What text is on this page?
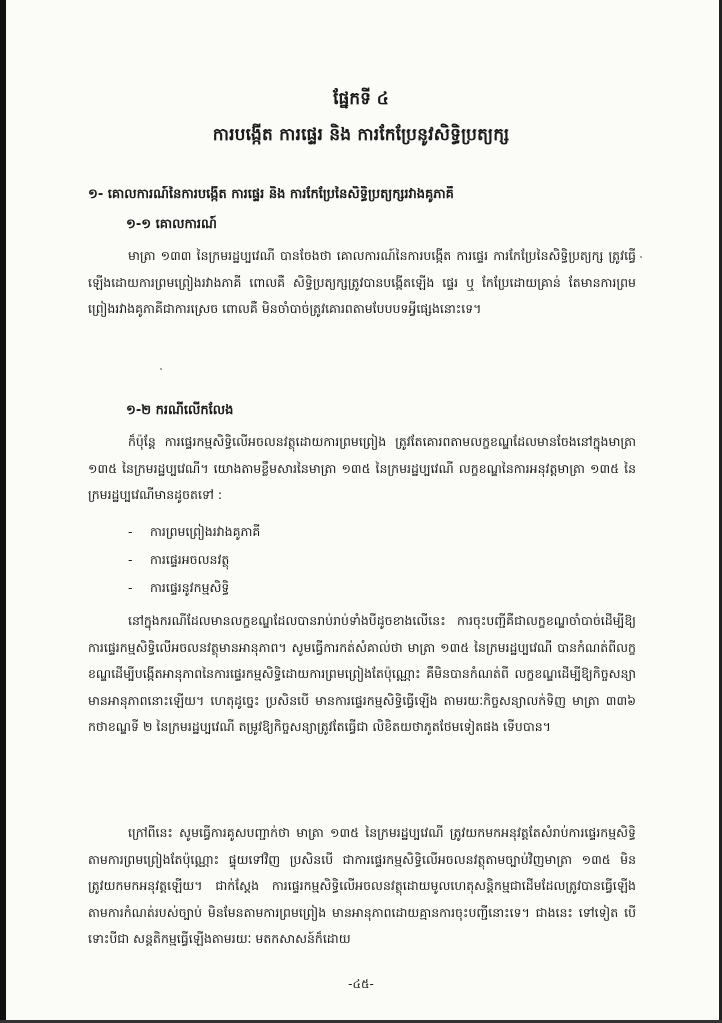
ផ្នែកទី ៤
ការបង្កើត ការផ្ទេរ និង ការកែប្រែនូវសិទ្ធិប្រត្យក្ស
១- គោលការណ៍នៃការបង្កើត ការផ្ទេរ និង ការកែប្រែនៃសិទ្ធិប្រត្យក្សរវាងគូភាគី
១-១ គោលការណ៍
មាត្រា ១៣៣ នៃក្រមរដ្ឋប្បវេណី បានចែងថា គោលការណ៍នៃការបង្កើត ការផ្ទេរ ការកែប្រែនៃសិទ្ធិប្រត្យក្ស ត្រូវធ្វើឡើងដោយការព្រមព្រៀងរវាងភាគី ពោលគឺ សិទ្ធិប្រត្យក្សត្រូវបានបង្កើតឡើង ផ្ទេរ ឬ កែប្រែដោយគ្រាន់ តែមានការព្រមព្រៀងរវាងគូភាគីជាការស្រេច ពោលគឺ មិនចាំបាច់ត្រូវគោរពតាមបែបបទអ្វីផ្សេងនោះទេ។
១-២ ករណីលើកលែង
ក៏ប៉ុន្តែ ការផ្ទេរកម្មសិទ្ធិលើអចលនវត្ថុដោយការព្រមព្រៀង ត្រូវតែគោរពតាមលក្ខខណ្ឌដែលមានចែងនៅក្នុងមាត្រា ១៣៥ នៃក្រមរដ្ឋប្បវេណី។ យោងតាមខ្លឹមសារនៃមាត្រា ១៣៥ នៃក្រមរដ្ឋប្បវេណី លក្ខខណ្ឌនៃការអនុវត្តមាត្រា ១៣៥ នៃក្រមរដ្ឋប្បវេណីមានដូចតទៅ :
- ការព្រមព្រៀងរវាងគូភាគី
- ការផ្ទេរអចលនវត្ថុ
- ការផ្ទេរនូវកម្មសិទ្ធិ
នៅក្នុងករណីដែលមានលក្ខខណ្ឌដែលបានរាប់រាប់ទាំងបីដូចខាងលើនេះ ការចុះបញ្ជីគឺជាលក្ខខណ្ឌចាំបាច់ដើម្បីឱ្យការផ្ទេរកម្មសិទ្ធិលើអចលនវត្ថុមានអានុភាព។ សូមធ្វើការកត់សំគាល់ថា មាត្រា ១៣៥ នៃក្រមរដ្ឋប្បវេណី បានកំណត់ពីលក្ខខណ្ឌដើម្បីបង្កើតអានុភាពនៃការផ្ទេរកម្មសិទ្ធិដោយការព្រមព្រៀងតែប៉ុណ្ណោះ គឺមិនបានកំណត់ពី លក្ខខណ្ឌដើម្បីឱ្យកិច្ចសន្យាមានអានុភាពនោះឡើយ។ ហេតុដូច្នេះ ប្រសិនបើ មានការផ្ទេរកម្មសិទ្ធិធ្វើឡើង តាមរយៈកិច្ចសន្យាលក់ទិញ មាត្រា ៣៣៦ កថាខណ្ឌទី ២ នៃក្រមរដ្ឋប្បវេណី តម្រូវឱ្យកិច្ចសន្យាត្រូវតែធ្វើជា លិខិតយថាភូតថែមទៀតផង ទើបបាន។
ក្រៅពីនេះ សូមធ្វើការគូសបញ្ជាក់ថា មាត្រា ១៣៥ នៃក្រមរដ្ឋប្បវេណី ត្រូវយកមកអនុវត្តតែសំរាប់ការផ្ទេរកម្មសិទ្ធិតាមការព្រមព្រៀងតែប៉ុណ្ណោះ ផ្ទុយទៅវិញ ប្រសិនបើ ជាការផ្ទេរកម្មសិទ្ធិលើអចលនវត្ថុតាមច្បាប់វិញមាត្រា ១៣៥ មិនត្រូវយកមកអនុវត្តឡើយ។ ជាក់ស្តែង ការផ្ទេរកម្មសិទ្ធិលើអចលនវត្ថុដោយមូលហេតុសន្តិកម្មជាដើមដែលត្រូវបានធ្វើឡើងតាមការកំណត់របស់ច្បាប់ មិនមែនតាមការព្រមព្រៀង មានអានុភាពដោយគ្មានការចុះបញ្ជីនោះទេ។ ជាងនេះ ទៅទៀត បើទោះបីជា សន្តតិកម្មធ្វើឡើងតាមរយៈ មតកសាសន៍ក៏ដោយ
-៤៥-
